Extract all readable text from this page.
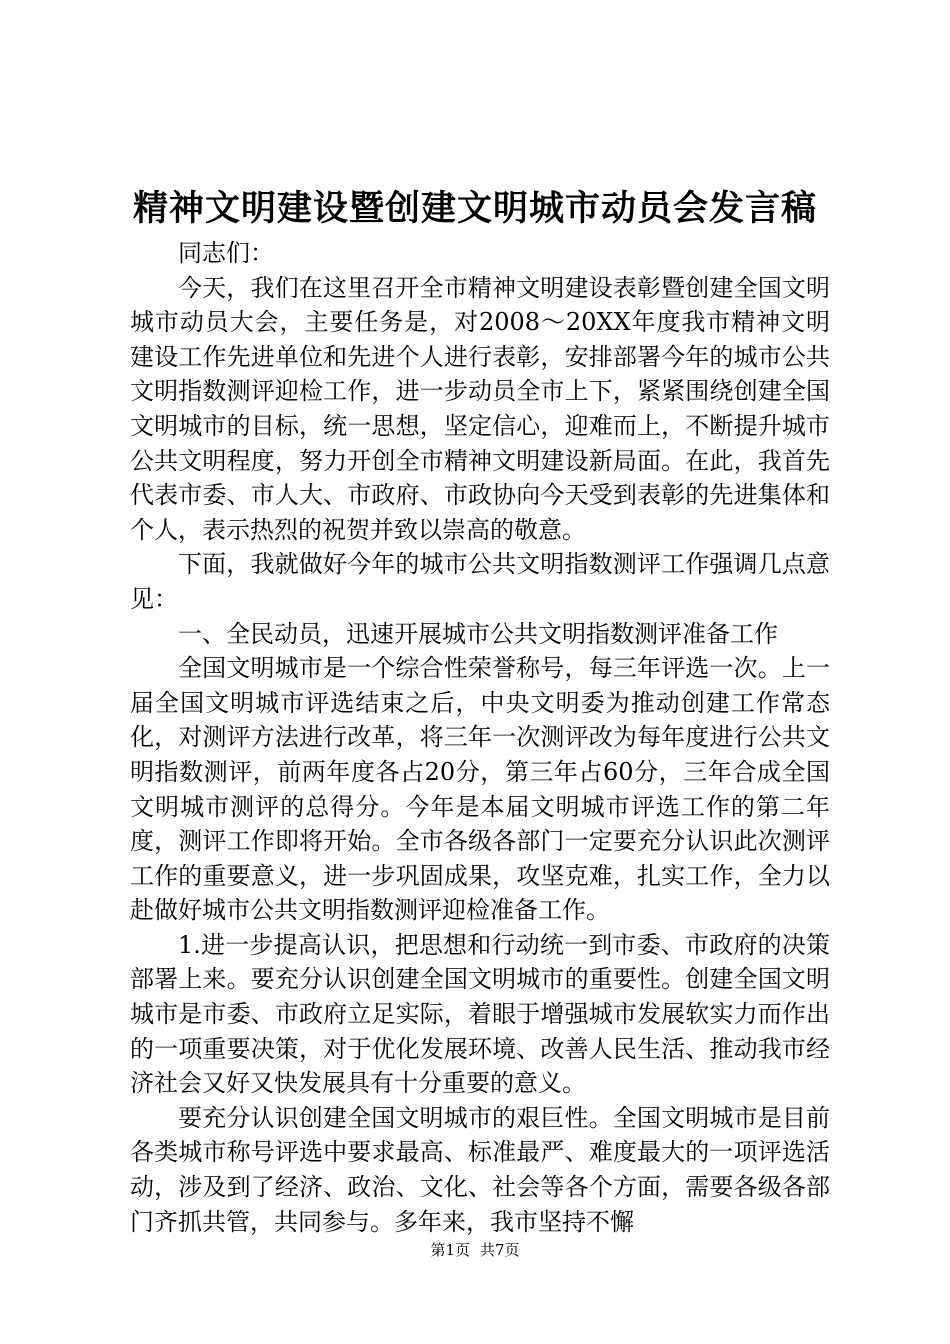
精神文明建设暨创建文明城市动员会发言稿

同志们：

今天，我们在这里召开全市精神文明建设表彰暨创建全国文明城市动员大会，主要任务是，对2008～20XX年度我市精神文明建设工作先进单位和先进个人进行表彰，安排部署今年的城市公共文明指数测评迎检工作，进一步动员全市上下，紧紧围绕创建全国文明城市的目标，统一思想，坚定信心，迎难而上，不断提升城市公共文明程度，努力开创全市精神文明建设新局面。在此，我首先代表市委、市人大、市政府、市政协向今天受到表彰的先进集体和个人，表示热烈的祝贺并致以崇高的敬意。

下面，我就做好今年的城市公共文明指数测评工作强调几点意见：

一、全民动员，迅速开展城市公共文明指数测评准备工作

全国文明城市是一个综合性荣誉称号，每三年评选一次。上一届全国文明城市评选结束之后，中央文明委为推动创建工作常态化，对测评方法进行改革，将三年一次测评改为每年度进行公共文明指数测评，前两年度各占20分，第三年占60分，三年合成全国文明城市测评的总得分。今年是本届文明城市评选工作的第二年度，测评工作即将开始。全市各级各部门一定要充分认识此次测评工作的重要意义，进一步巩固成果，攻坚克难，扎实工作，全力以赴做好城市公共文明指数测评迎检准备工作。

1.进一步提高认识，把思想和行动统一到市委、市政府的决策部署上来。要充分认识创建全国文明城市的重要性。创建全国文明城市是市委、市政府立足实际，着眼于增强城市发展软实力而作出的一项重要决策，对于优化发展环境、改善人民生活、推动我市经济社会又好又快发展具有十分重要的意义。

要充分认识创建全国文明城市的艰巨性。全国文明城市是目前各类城市称号评选中要求最高、标准最严、难度最大的一项评选活动，涉及到了经济、政治、文化、社会等各个方面，需要各级各部门齐抓共管，共同参与。多年来，我市坚持不懈

第1页 共7页
